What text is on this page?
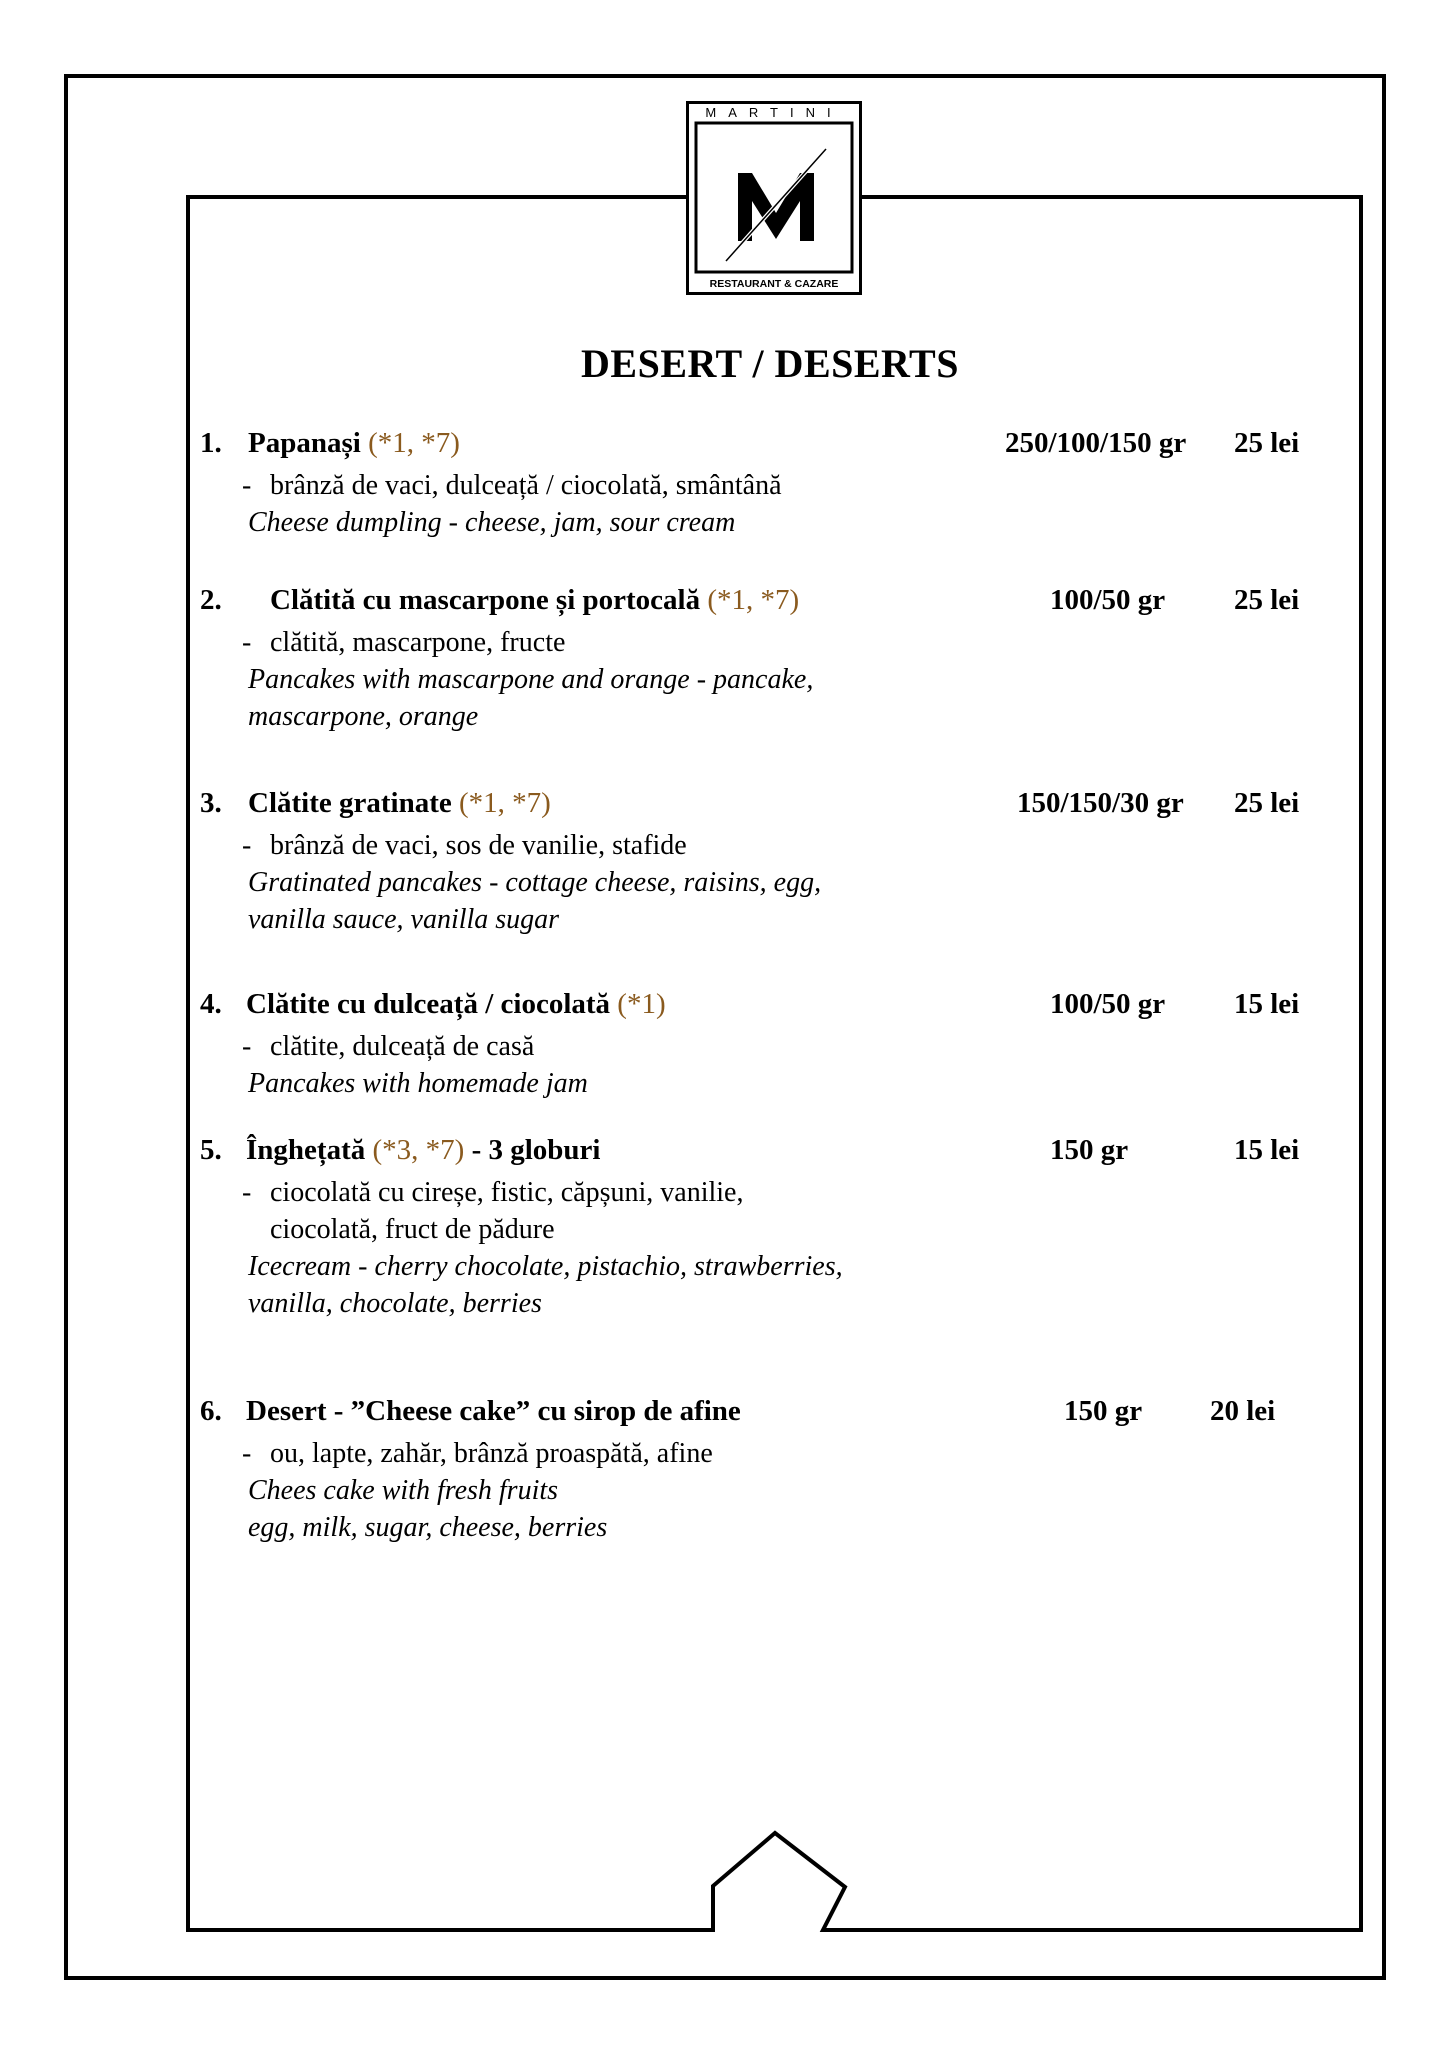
MARTINI
RESTAURANT & CAZARE
DESERT / DESERTS
1. Papanași (*1, *7)	250/100/150 gr 25 lei
- brânză de vaci, dulceață / ciocolată, smântână
Cheese dumpling - cheese, jam, sour cream
2. Clătită cu mascarpone și portocală (*1, *7)	100/50 gr 25 lei
- clătită, mascarpone, fructe
Pancakes with mascarpone and orange - pancake,
mascarpone, orange
3. Clătite gratinate (*1, *7)	150/150/30 gr 25 lei
- brânză de vaci, sos de vanilie, stafide
Gratinated pancakes - cottage cheese, raisins, egg,
vanilla sauce, vanilla sugar
4. Clătite cu dulceață / ciocolată (*1)	100/50 gr 15 lei
- clătite, dulceață de casă
Pancakes with homemade jam
5. Înghețată (*3, *7) - 3 globuri	150 gr	15 lei
- ciocolată cu cireșe, fistic, căpșuni, vanilie,
ciocolată, fruct de pădure
Icecream - cherry chocolate, pistachio, strawberries,
vanilla, chocolate, berries
6. Desert - ”Cheese cake” cu sirop de afine	150 gr 20 lei
- ou, lapte, zahăr, brânză proaspătă, afine
Chees cake with fresh fruits
egg, milk, sugar, cheese, berries
